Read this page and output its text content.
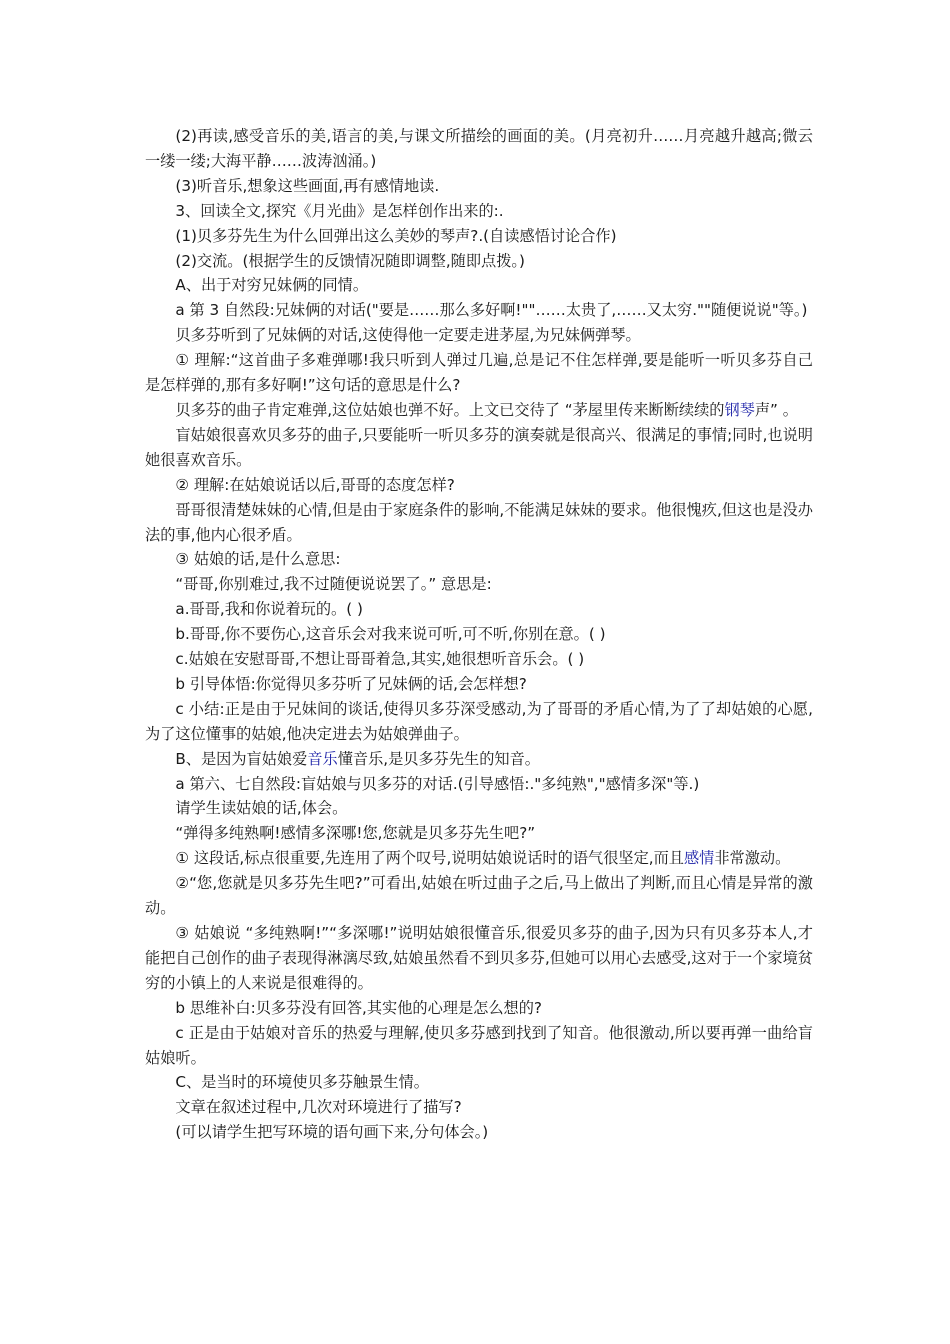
(2)再读,感受音乐的美,语言的美,与课文所描绘的画面的美。(月亮初升……月亮越升越高;微云一缕一缕;大海平静……波涛汹涌。)

(3)听音乐,想象这些画面,再有感情地读.

3、回读全文,探究《月光曲》是怎样创作出来的:.

(1)贝多芬先生为什么回弹出这么美妙的琴声?.(自读感悟讨论合作)

(2)交流。(根据学生的反馈情况随即调整,随即点拨。)

A、出于对穷兄妹俩的同情。

a 第 3 自然段:兄妹俩的对话("要是……那么多好啊!""……太贵了,……又太穷.""随便说说"等。)

贝多芬听到了兄妹俩的对话,这使得他一定要走进茅屋,为兄妹俩弹琴。

① 理解:“这首曲子多难弹哪!我只听到人弹过几遍,总是记不住怎样弹,要是能听一听贝多芬自己是怎样弹的,那有多好啊!”这句话的意思是什么?

贝多芬的曲子肯定难弹,这位姑娘也弹不好。上文已交待了 “茅屋里传来断断续续的钢琴声” 。

盲姑娘很喜欢贝多芬的曲子,只要能听一听贝多芬的演奏就是很高兴、很满足的事情;同时,也说明她很喜欢音乐。

② 理解:在姑娘说话以后,哥哥的态度怎样?

哥哥很清楚妹妹的心情,但是由于家庭条件的影响,不能满足妹妹的要求。他很愧疚,但这也是没办法的事,他内心很矛盾。

③ 姑娘的话,是什么意思:

“哥哥,你别难过,我不过随便说说罢了。” 意思是:

a.哥哥,我和你说着玩的。( )

b.哥哥,你不要伤心,这音乐会对我来说可听,可不听,你别在意。( )

c.姑娘在安慰哥哥,不想让哥哥着急,其实,她很想听音乐会。( )

b 引导体悟:你觉得贝多芬听了兄妹俩的话,会怎样想?

c 小结:正是由于兄妹间的谈话,使得贝多芬深受感动,为了哥哥的矛盾心情,为了了却姑娘的心愿,为了这位懂事的姑娘,他决定进去为姑娘弹曲子。

B、是因为盲姑娘爱音乐懂音乐,是贝多芬先生的知音。

a 第六、七自然段:盲姑娘与贝多芬的对话.(引导感悟:."多纯熟","感情多深"等.)

请学生读姑娘的话,体会。

“弹得多纯熟啊!感情多深哪!您,您就是贝多芬先生吧?”

① 这段话,标点很重要,先连用了两个叹号,说明姑娘说话时的语气很坚定,而且感情非常激动。

②“您,您就是贝多芬先生吧?”可看出,姑娘在听过曲子之后,马上做出了判断,而且心情是异常的激动。

③ 姑娘说 “多纯熟啊!”“多深哪!”说明姑娘很懂音乐,很爱贝多芬的曲子,因为只有贝多芬本人,才能把自己创作的曲子表现得淋漓尽致,姑娘虽然看不到贝多芬,但她可以用心去感受,这对于一个家境贫穷的小镇上的人来说是很难得的。

b 思维补白:贝多芬没有回答,其实他的心理是怎么想的?

c 正是由于姑娘对音乐的热爱与理解,使贝多芬感到找到了知音。他很激动,所以要再弹一曲给盲姑娘听。

C、是当时的环境使贝多芬触景生情。

文章在叙述过程中,几次对环境进行了描写?

(可以请学生把写环境的语句画下来,分句体会。)
